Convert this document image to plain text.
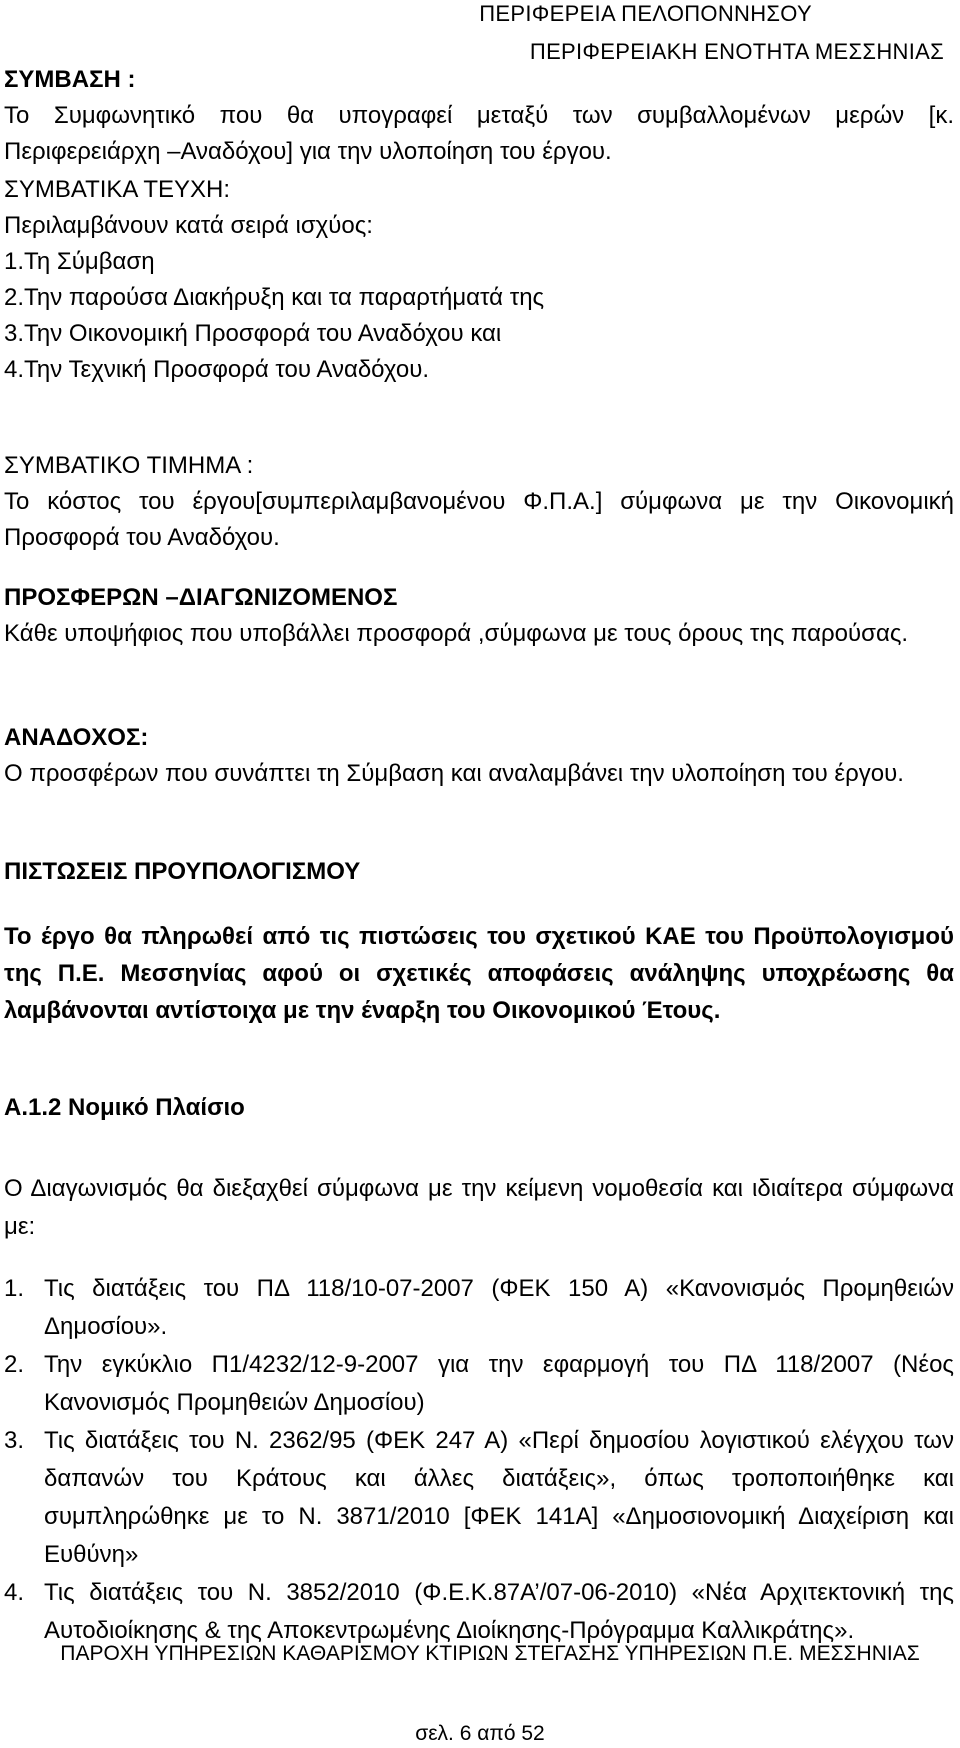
ΠΕΡΙΦΕΡΕΙΑ ΠΕΛΟΠΟΝΝΗΣΟΥ
ΠΕΡΙΦΕΡΕΙΑΚΗ ΕΝΟΤΗΤΑ ΜΕΣΣΗΝΙΑΣ
ΣΥΜΒΑΣΗ :
Το Συμφωνητικό που θα υπογραφεί μεταξύ των συμβαλλομένων μερών [κ. Περιφερειάρχη –Αναδόχου] για την υλοποίηση του έργου.
ΣΥΜΒΑΤΙΚΑ ΤΕΥΧΗ:
Περιλαμβάνουν κατά σειρά ισχύος:
1.Τη Σύμβαση
2.Την παρούσα Διακήρυξη και τα παραρτήματά της
3.Την Οικονομική Προσφορά του Αναδόχου και
4.Την Τεχνική Προσφορά του Αναδόχου.
ΣΥΜΒΑΤΙΚΟ ΤΙΜΗΜΑ :
Το κόστος του έργου[συμπεριλαμβανομένου Φ.Π.Α.] σύμφωνα με την Οικονομική Προσφορά του Αναδόχου.
ΠΡΟΣΦΕΡΩΝ –ΔΙΑΓΩΝΙΖΟΜΕΝΟΣ
Κάθε υποψήφιος που υποβάλλει προσφορά ,σύμφωνα με τους όρους της παρούσας.
ΑΝΑΔΟΧΟΣ:
Ο προσφέρων που συνάπτει τη Σύμβαση και αναλαμβάνει την υλοποίηση του έργου.
ΠΙΣΤΩΣΕΙΣ ΠΡΟΥΠΟΛΟΓΙΣΜΟΥ
Το έργο θα πληρωθεί από τις πιστώσεις του σχετικού ΚΑΕ του Προϋπολογισμού της Π.Ε. Μεσσηνίας αφού οι σχετικές αποφάσεις ανάληψης υποχρέωσης θα λαμβάνονται αντίστοιχα με την έναρξη του Οικονομικού Έτους.
Α.1.2 Νομικό Πλαίσιο
Ο Διαγωνισμός θα διεξαχθεί σύμφωνα με την κείμενη νομοθεσία και ιδιαίτερα σύμφωνα με:
1. Τις διατάξεις του ΠΔ 118/10-07-2007 (ΦΕΚ 150 Α) «Κανονισμός Προμηθειών Δημοσίου».
2. Την εγκύκλιο Π1/4232/12-9-2007 για την εφαρμογή του ΠΔ 118/2007 (Νέος Κανονισμός Προμηθειών Δημοσίου)
3. Τις διατάξεις του Ν. 2362/95 (ΦΕΚ 247 Α) «Περί δημοσίου λογιστικού ελέγχου των δαπανών του Κράτους και άλλες διατάξεις», όπως τροποποιήθηκε και συμπληρώθηκε με το Ν. 3871/2010 [ΦΕΚ 141Α] «Δημοσιονομική Διαχείριση και Ευθύνη»
4. Τις διατάξεις του Ν. 3852/2010 (Φ.Ε.Κ.87Α’/07-06-2010) «Νέα Αρχιτεκτονική της Αυτοδιοίκησης & της Αποκεντρωμένης Διοίκησης-Πρόγραμμα Καλλικράτης».
ΠΑΡΟΧΗ ΥΠΗΡΕΣΙΩΝ ΚΑΘΑΡΙΣΜΟΥ ΚΤΙΡΙΩΝ ΣΤΕΓΑΣΗΣ ΥΠΗΡΕΣΙΩΝ Π.Ε. ΜΕΣΣΗΝΙΑΣ
σελ. 6 από 52
